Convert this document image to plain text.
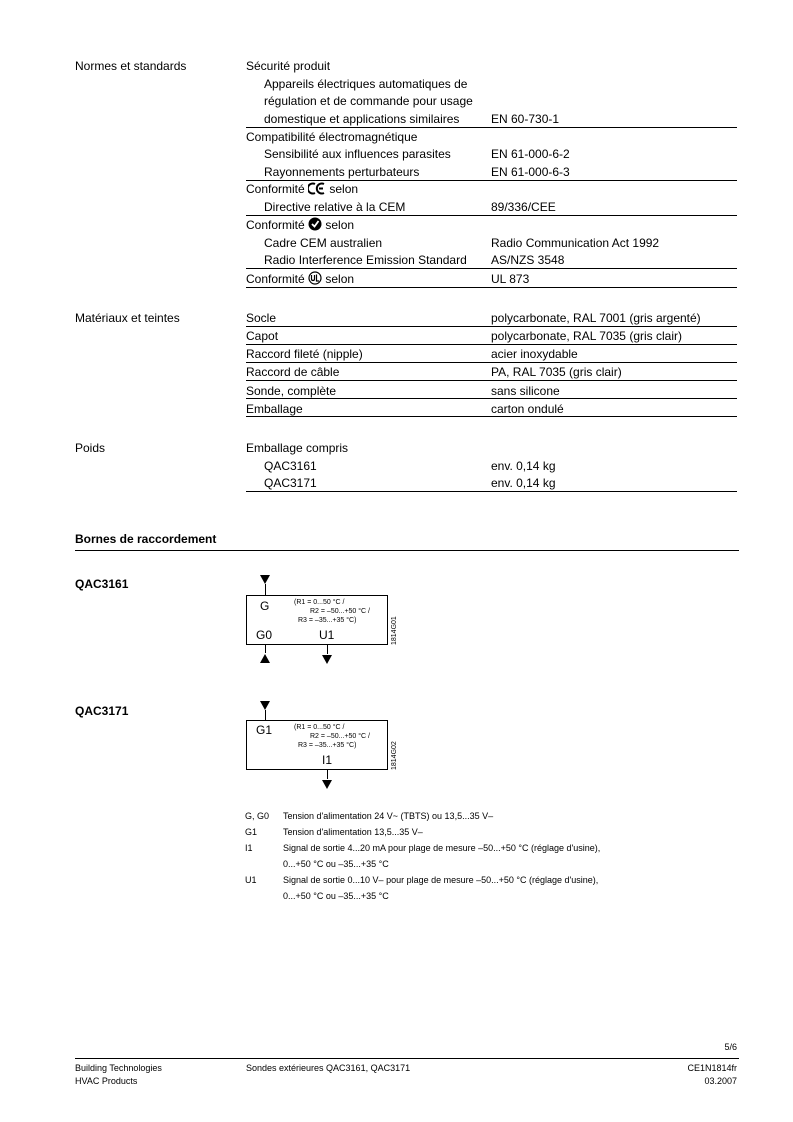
Normes et standards	Sécurité produit
Appareils électriques automatiques de
régulation et de commande pour usage
domestique et applications similaires	EN 60-730-1
Compatibilité électromagnétique
Sensibilité aux influences parasites	EN 61-000-6-2
Rayonnements perturbateurs	EN 61-000-6-3
Conformité selon
Directive relative à la CEM	89/336/CEE
Conformité selon
Cadre CEM australien	Radio Communication Act 1992
Radio Interference Emission Standard AS/NZS 3548
Conformité selon	UL 873
Matériaux et teintes	Socle	polycarbonate, RAL 7001 (gris argenté)
Capot	polycarbonate, RAL 7035 (gris clair)
Raccord fileté (nipple)	acier inoxydable
Raccord de câble	PA, RAL 7035 (gris clair)
Sonde, complète	sans silicone
Emballage	carton ondulé
Poids	Emballage compris
QAC3161	env. 0,14 kg
QAC3171	env. 0,14 kg
Bornes de raccordement
QAC3161
G	(R1 = 0...50 °C /
R2 = –50...+50 °C /
R3 = –35...+35 °C)
G0	U1	1814G01
QAC3171
G1	(R1 = 0...50 °C /
R2 = –50...+50 °C /
R3 = –35...+35 °C)
I1	1814G02
G, G0 Tension d'alimentation 24 V~ (TBTS) ou 13,5...35 V–
G1	Tension d'alimentation 13,5...35 V–
I1	Signal de sortie 4...20 mA pour plage de mesure –50...+50 °C (réglage d'usine),
0...+50 °C ou –35...+35 °C
U1	Signal de sortie 0...10 V– pour plage de mesure –50...+50 °C (réglage d'usine),
0...+50 °C ou –35...+35 °C
5/6
Building Technologies
HVAC Products
Sondes extérieures QAC3161, QAC3171	CE1N1814fr
03.2007
